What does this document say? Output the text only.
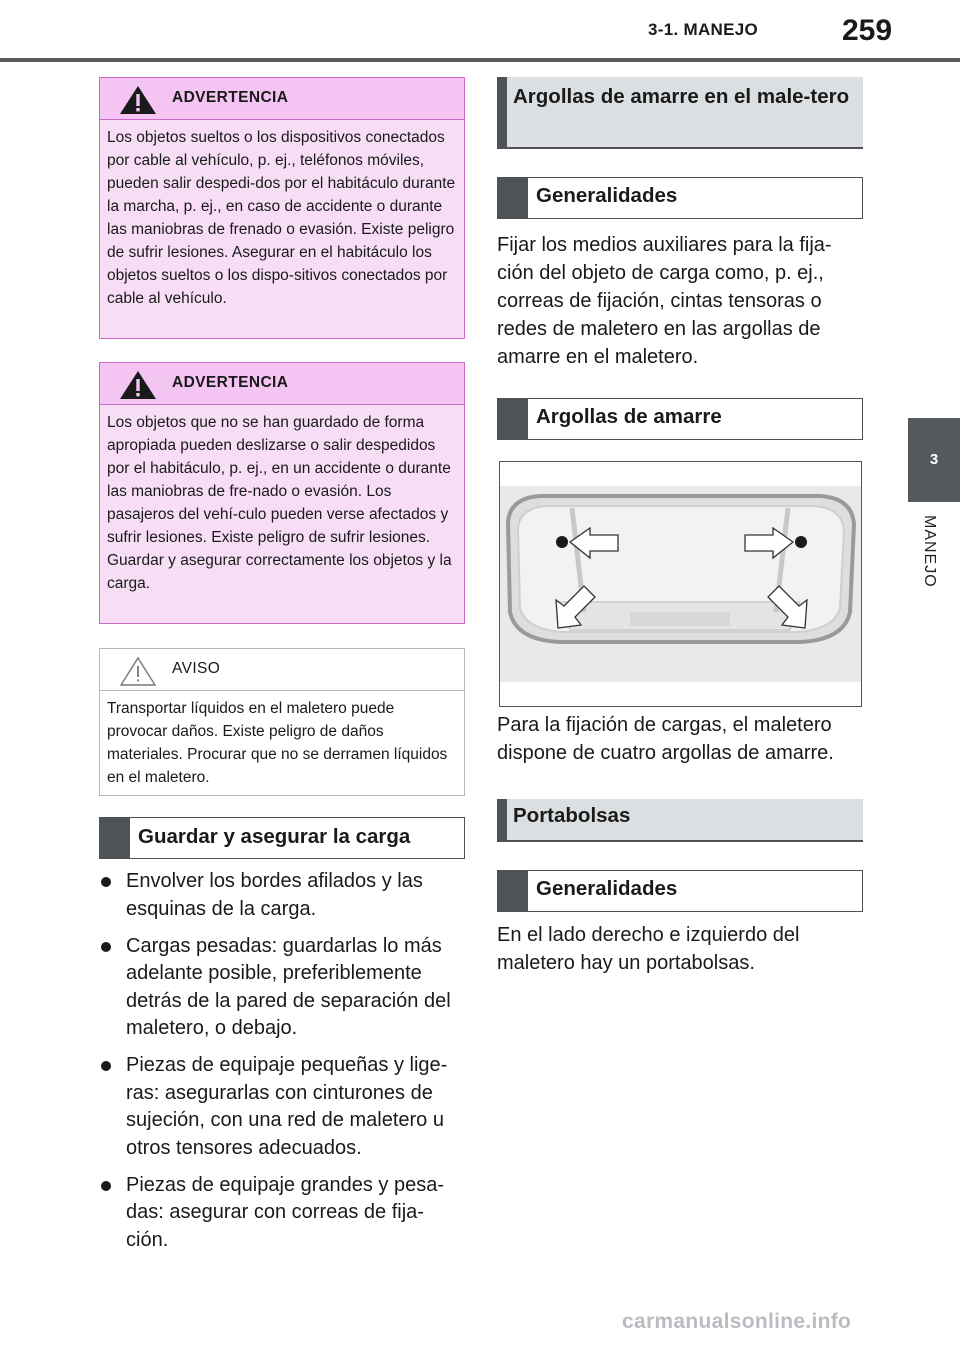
3-1. MANEJO	259
3
MANEJO
ADVERTENCIA
Los objetos sueltos o los dispositivos conectados por cable al vehículo, p. ej., teléfonos móviles, pueden salir despedi-dos por el habitáculo durante la marcha, p. ej., en caso de accidente o durante las maniobras de frenado o evasión. Existe peligro de sufrir lesiones. Asegurar en el habitáculo los objetos sueltos o los dispo-sitivos conectados por cable al vehículo.
ADVERTENCIA
Los objetos que no se han guardado de forma apropiada pueden deslizarse o salir despedidos por el habitáculo, p. ej., en un accidente o durante las maniobras de fre-nado o evasión. Los pasajeros del vehí-culo pueden verse afectados y sufrir lesiones. Existe peligro de sufrir lesiones. Guardar y asegurar correctamente los objetos y la carga.
AVISO
Transportar líquidos en el maletero puede provocar daños. Existe peligro de daños materiales. Procurar que no se derramen líquidos en el maletero.
Guardar y asegurar la carga
Envolver los bordes afilados y las esquinas de la carga.
Cargas pesadas: guardarlas lo más adelante posible, preferiblemente detrás de la pared de separación del maletero, o debajo.
Piezas de equipaje pequeñas y lige-ras: asegurarlas con cinturones de sujeción, con una red de maletero u otros tensores adecuados.
Piezas de equipaje grandes y pesa-das: asegurar con correas de fija-ción.
Argollas de amarre en el male-tero
Generalidades

Fijar los medios auxiliares para la fija-ción del objeto de carga como, p. ej., correas de fijación, cintas tensoras o redes de maletero en las argollas de amarre en el maletero.

Argollas de amarre

Para la fijación de cargas, el maletero dispone de cuatro argollas de amarre.

Portabolsas
Generalidades

En el lado derecho e izquierdo del maletero hay un portabolsas.

carmanualsonline.info
